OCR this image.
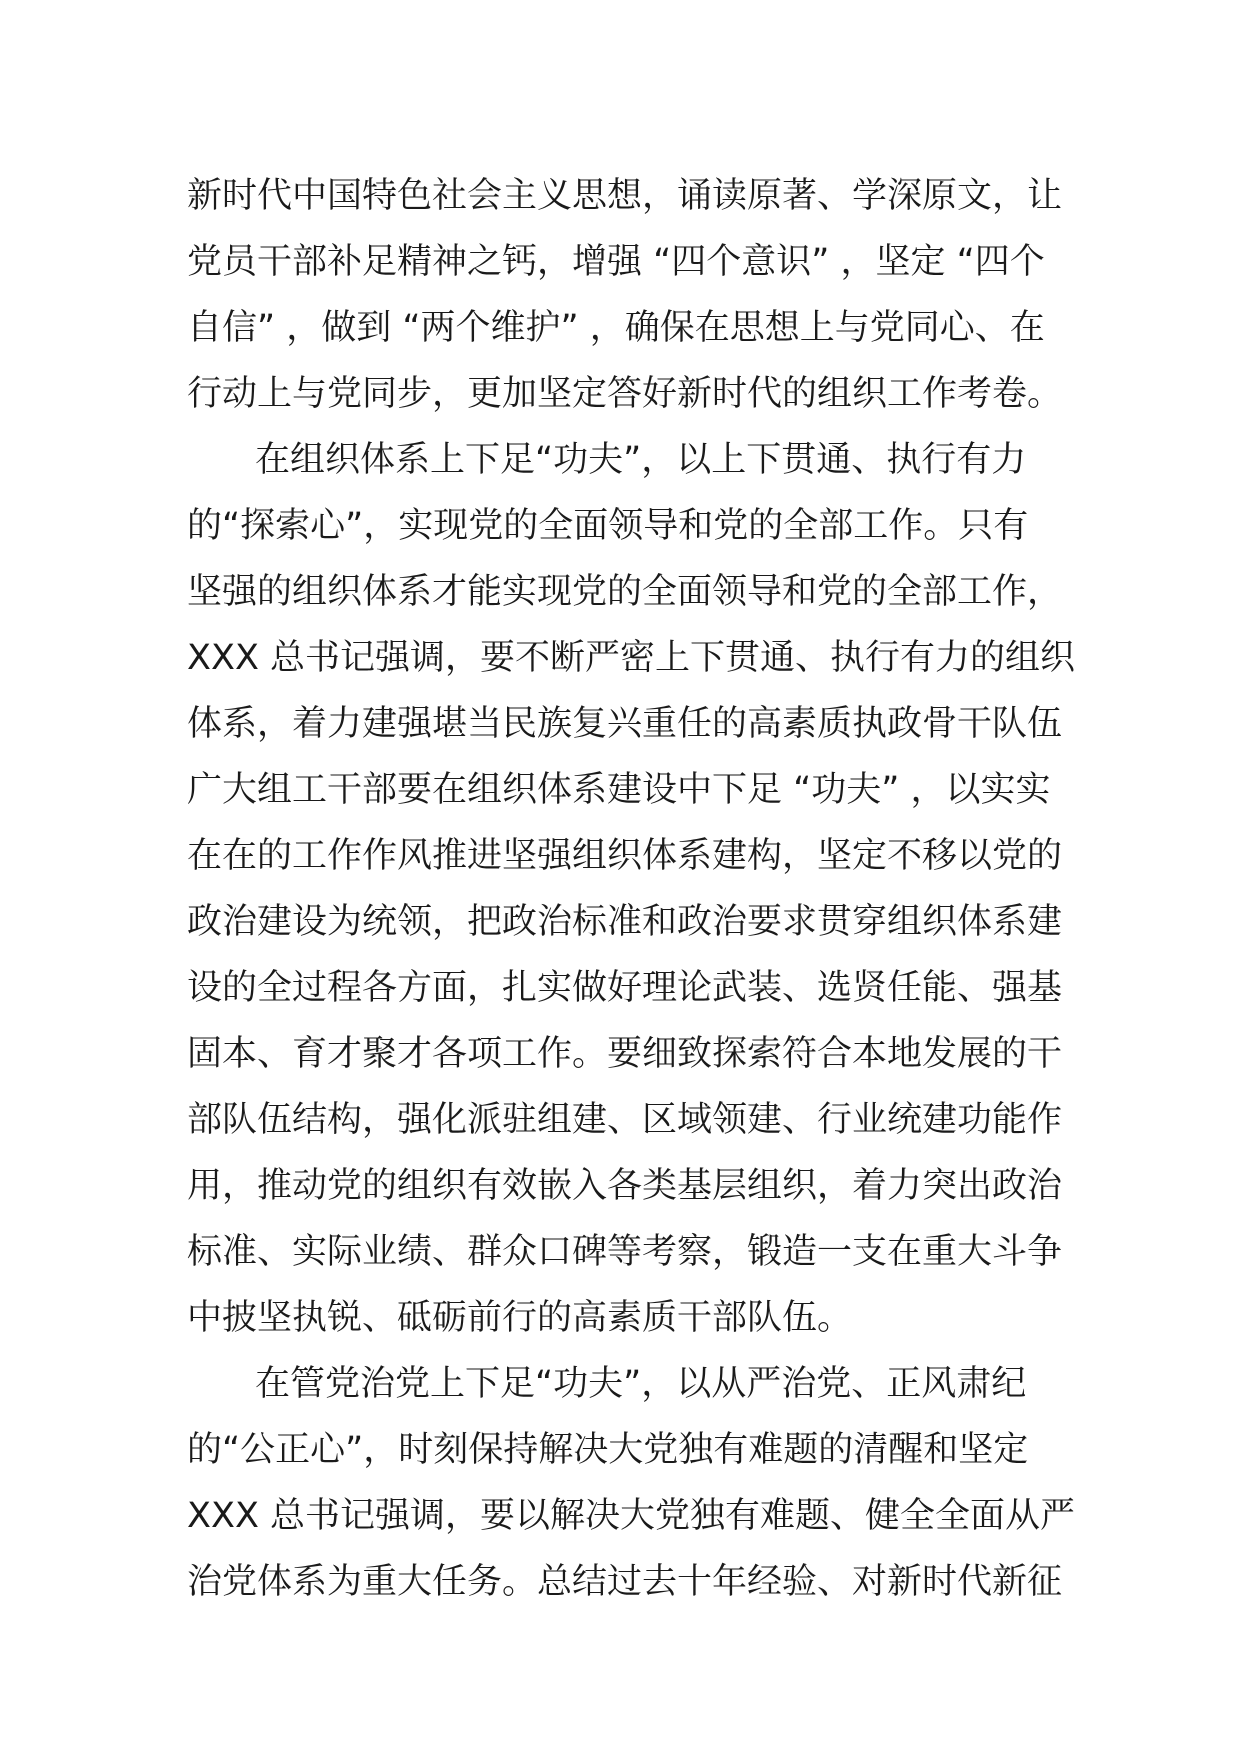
新时代中国特色社会主义思想，诵读原著、学深原文，让
党员干部补足精神之钙，增强 “四个意识” ，坚定 “四个
自信” ，做到 “两个维护” ，确保在思想上与党同心、在
行动上与党同步，更加坚定答好新时代的组织工作考卷。
在组织体系上下足“功夫”，以上下贯通、执行有力
的“探索心”，实现党的全面领导和党的全部工作。只有
坚强的组织体系才能实现党的全面领导和党的全部工作，
XXX 总书记强调，要不断严密上下贯通、执行有力的组织
体系，着力建强堪当民族复兴重任的高素质执政骨干队伍
广大组工干部要在组织体系建设中下足 “功夫” ，以实实
在在的工作作风推进坚强组织体系建构，坚定不移以党的
政治建设为统领，把政治标准和政治要求贯穿组织体系建
设的全过程各方面，扎实做好理论武装、选贤任能、强基
固本、育才聚才各项工作。要细致探索符合本地发展的干
部队伍结构，强化派驻组建、区域领建、行业统建功能作
用，推动党的组织有效嵌入各类基层组织，着力突出政治
标准、实际业绩、群众口碑等考察，锻造一支在重大斗争
中披坚执锐、砥砺前行的高素质干部队伍。
在管党治党上下足“功夫”，以从严治党、正风肃纪
的“公正心”，时刻保持解决大党独有难题的清醒和坚定
XXX 总书记强调，要以解决大党独有难题、健全全面从严
治党体系为重大任务。总结过去十年经验、对新时代新征
